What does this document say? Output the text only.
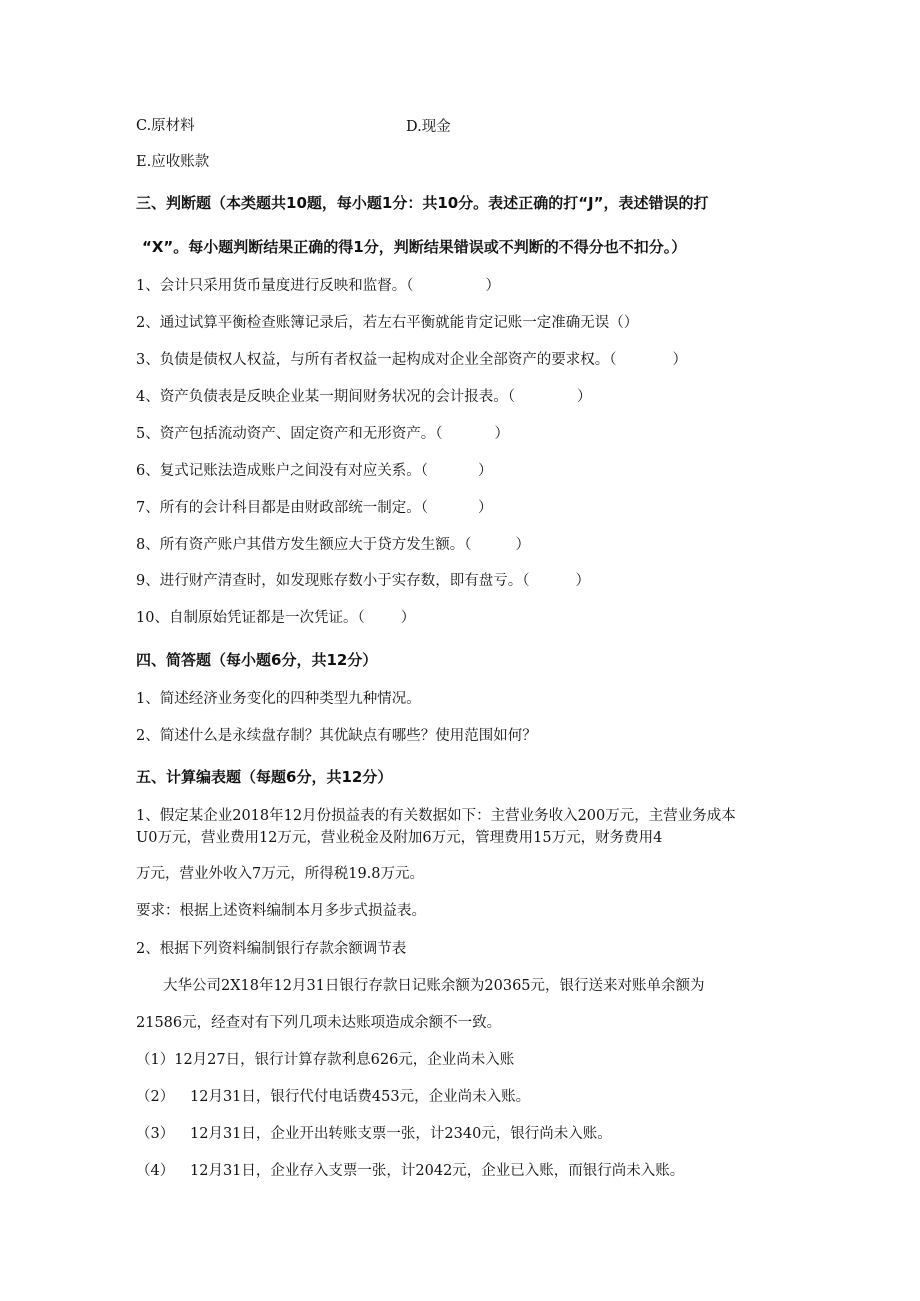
C.原材料	D.现金
E.应收账款
三、判断题（本类题共10题，每小题1分：共10分。表述正确的打“J”，表述错误的打
“X”。每小题判断结果正确的得1分，判断结果错误或不判断的不得分也不扣分。）
1、会计只采用货币量度进行反映和监督。（	）
2、通过试算平衡检查账簿记录后，若左右平衡就能肯定记账一定准确无误（）
3、负债是债权人权益，与所有者权益一起构成对企业全部资产的要求权。（	）
4、资产负债表是反映企业某一期间财务状况的会计报表。（	）
5、资产包括流动资产、固定资产和无形资产。（	）
6、复式记账法造成账户之间没有对应关系。（	）
7、所有的会计科目都是由财政部统一制定。（	）
8、所有资产账户其借方发生额应大于贷方发生额。（	）
9、进行财产清查时，如发现账存数小于实存数，即有盘亏。（	）
10、自制原始凭证都是一次凭证。（ ）
四、简答题（每小题6分，共12分）
1、简述经济业务变化的四种类型九种情况。
2、简述什么是永续盘存制？其优缺点有哪些？使用范围如何？
五、计算编表题（每题6分，共12分）
1、假定某企业2018年12月份损益表的有关数据如下：主营业务收入200万元，主营业务成本
U0万元，营业费用12万元，营业税金及附加6万元，管理费用15万元，财务费用4
万元，营业外收入7万元，所得税19.8万元。
要求：根据上述资料编制本月多步式损益表。
2、根据下列资料编制银行存款余额调节表
大华公司2X18年12月31日银行存款日记账余额为20365元，银行送来对账单余额为
21586元，经查对有下列几项未达账项造成余额不一致。
（1）12月27日，银行计算存款利息626元，企业尚未入账
（2） 12月31日，银行代付电话费453元，企业尚未入账。
（3） 12月31日，企业开出转账支票一张，计2340元，银行尚未入账。
（4） 12月31日，企业存入支票一张，计2042元，企业已入账，而银行尚未入账。
